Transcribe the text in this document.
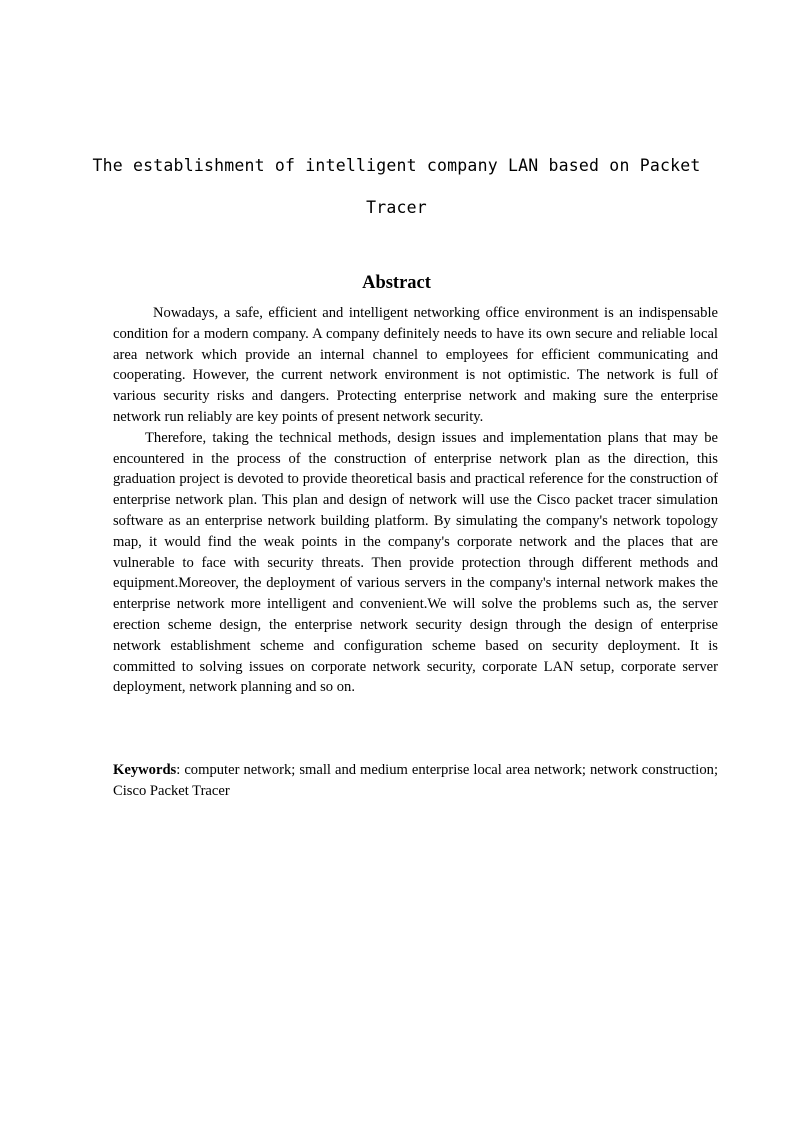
The establishment of intelligent company LAN based on Packet
Tracer
Abstract

Nowadays, a safe, efficient and intelligent networking office environment is an indispensable condition for a modern company. A company definitely needs to have its own secure and reliable local area network which provide an internal channel to employees for efficient communicating and cooperating. However, the current network environment is not optimistic. The network is full of various security risks and dangers. Protecting enterprise network and making sure the enterprise network run reliably are key points of present network security.

Therefore, taking the technical methods, design issues and implementation plans that may be encountered in the process of the construction of enterprise network plan as the direction, this graduation project is devoted to provide theoretical basis and practical reference for the construction of enterprise network plan. This plan and design of network will use the Cisco packet tracer simulation software as an enterprise network building platform. By simulating the company's network topology map, it would find the weak points in the company's corporate network and the places that are vulnerable to face with security threats. Then provide protection through different methods and equipment.Moreover, the deployment of various servers in the company's internal network makes the enterprise network more intelligent and convenient.We will solve the problems such as, the server erection scheme design, the enterprise network security design through the design of enterprise network establishment scheme and configuration scheme based on security deployment. It is committed to solving issues on corporate network security, corporate LAN setup, corporate server deployment, network planning and so on.

Keywords: computer network; small and medium enterprise local area network; network construction; Cisco Packet Tracer
